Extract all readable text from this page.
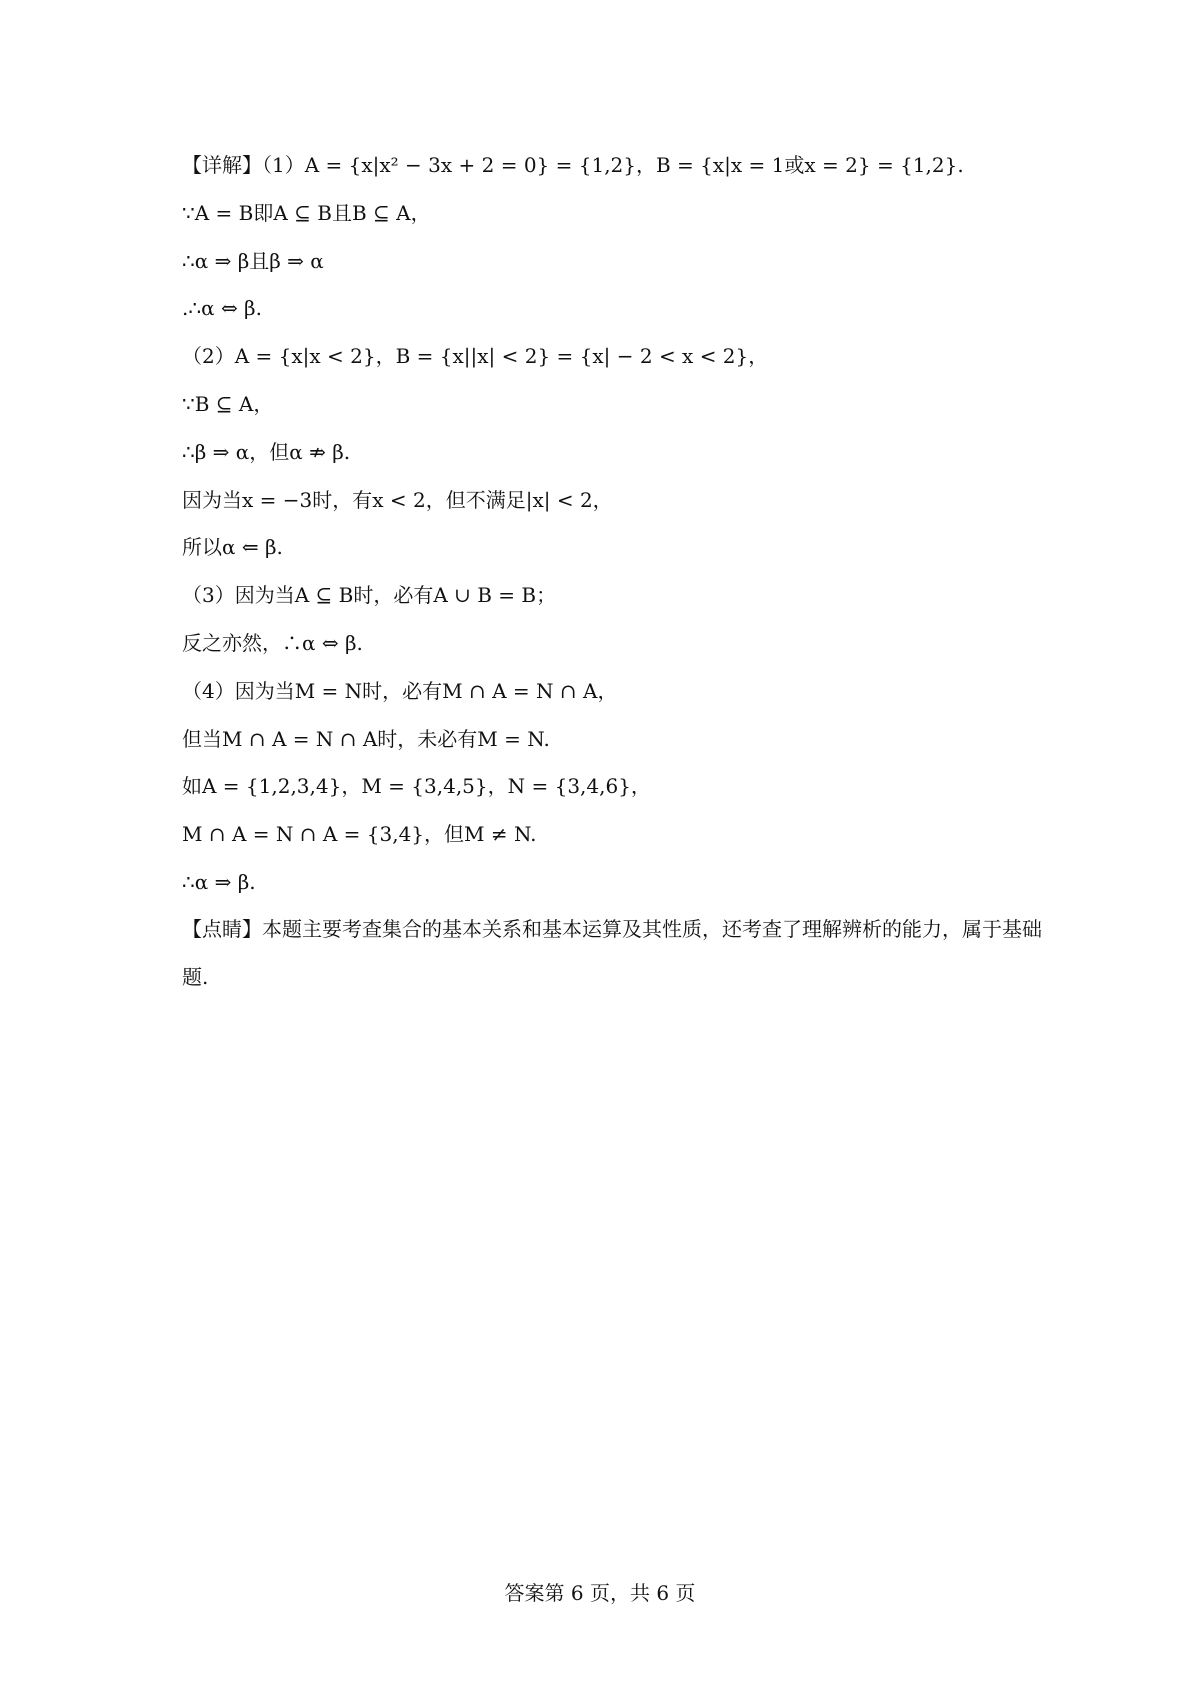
【详解】（1）A = {x|x² − 3x + 2 = 0} = {1,2}，B = {x|x = 1或x = 2} = {1,2}.
∵A = B即A ⊆ B且B ⊆ A，
∴α ⇒ β且β ⇒ α
.∴α ⇔ β.
（2）A = {x|x < 2}，B = {x||x| < 2} = {x| − 2 < x < 2}，
∵B ⊆ A，
∴β ⇒ α，但α ⇏ β.
因为当x = −3时，有x < 2，但不满足|x| < 2，
所以α ⇐ β.
（3）因为当A ⊆ B时，必有A ∪ B = B；
反之亦然，∴α ⇔ β.
（4）因为当M = N时，必有M ∩ A = N ∩ A，
但当M ∩ A = N ∩ A时，未必有M = N.
如A = {1,2,3,4}，M = {3,4,5}，N = {3,4,6}，
M ∩ A = N ∩ A = {3,4}，但M ≠ N.
∴α ⇒ β.
【点睛】本题主要考查集合的基本关系和基本运算及其性质，还考查了理解辨析的能力，属于基础题.
答案第 6 页，共 6 页
